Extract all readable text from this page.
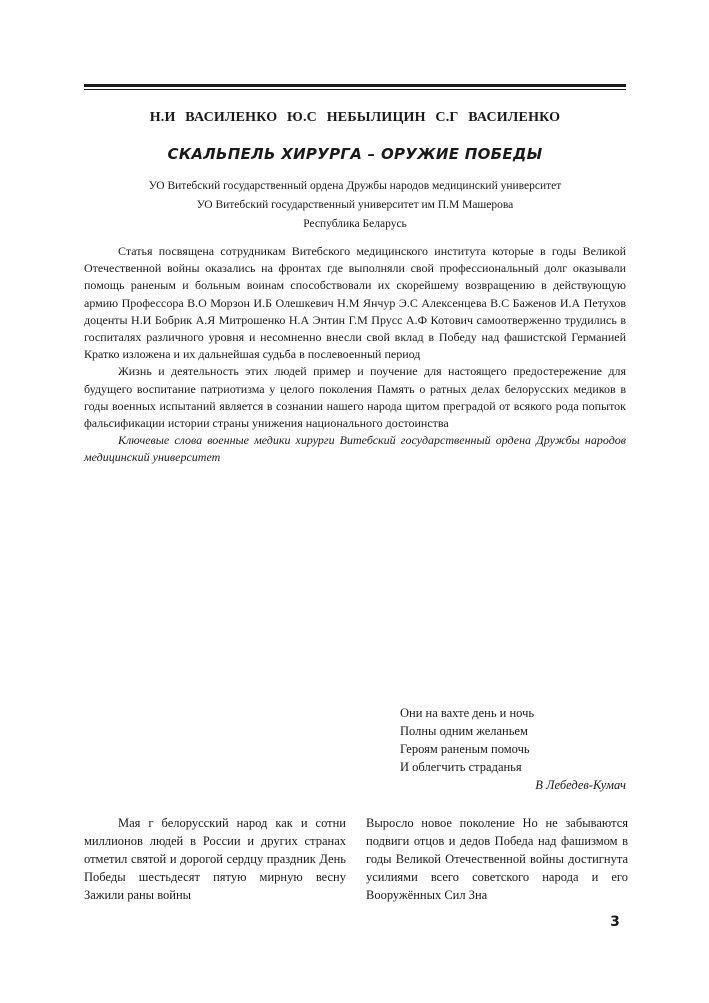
Н.И ВАСИЛЕНКО Ю.С НЕБЫЛИЦИН С.Г ВАСИЛЕНКО
СКАЛЬПЕЛЬ ХИРУРГА – ОРУЖИЕ ПОБЕДЫ
УО Витебский государственный ордена Дружбы народов медицинский университет
УО Витебский государственный университет им П.М Машерова
Республика Беларусь

Статья посвящена сотрудникам Витебского медицинского института которые в годы Великой Отечественной войны оказались на фронтах где выполняли свой профессиональный долг оказывали помощь раненым и больным воинам способствовали их скорейшему возвращению в действующую армию Профессора В.О Морзон И.Б Олешкевич Н.М Янчур Э.С Алексенцева В.С Баженов И.А Петухов доценты Н.И Бобрик А.Я Митрошенко Н.А Энтин Г.М Прусс А.Ф Котович самоотверженно трудились в госпиталях различного уровня и несомненно внесли свой вклад в Победу над фашистской Германией Кратко изложена и их дальнейшая судьба в послевоенный период

Жизнь и деятельность этих людей пример и поучение для настоящего предостережение для будущего воспитание патриотизма у целого поколения Память о ратных делах белорусских медиков в годы военных испытаний является в сознании нашего народа щитом преградой от всякого рода попыток фальсификации истории страны унижения национального достоинства

Ключевые слова военные медики хирурги Витебский государственный ордена Дружбы народов медицинский университет

Они на вахте день и ночь
Полны одним желаньем
Героям раненым помочь
И облегчить страданья
В Лебедев-Кумач

Мая г белорусский народ как и сотни миллионов людей в России и других странах отметил святой и дорогой сердцу праздник День Победы шестьдесят пятую мирную весну Зажили раны войны

Выросло новое поколение Но не забываются подвиги отцов и дедов Победа над фашизмом в годы Великой Отечественной войны достигнута усилиями всего советского народа и его Вооружённых Сил Зна

3
